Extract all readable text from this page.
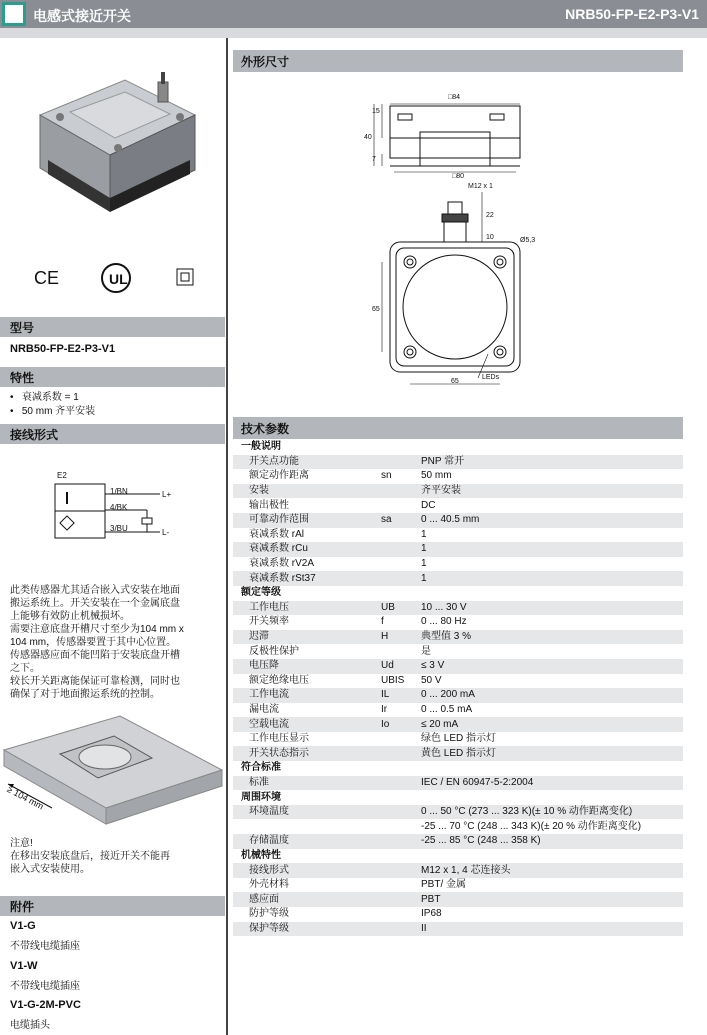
电感式接近开关	NRB50-FP-E2-P3-V1
CE	UL
型号
NRB50-FP-E2-P3-V1
特性
•   衰减系数 = 1
•   50 mm 齐平安装
接线形式
E2
1/BN
4/BK
3/BU
L+
L-
此类传感器尤其适合嵌入式安装在地面
搬运系统上。开关安装在一个金属底盘
上能够有效防止机械损坏。
需要注意底盘开槽尺寸至少为104 mm x
104 mm，传感器要置于其中心位置。
传感器感应面不能凹陷于安装底盘开槽
之下。
较长开关距离能保证可靠检测，同时也
确保了对于地面搬运系统的控制。
≥ 104 mm
注意!
在移出安装底盘后，接近开关不能再
嵌入式安装使用。
附件
V1-G
不带线电缆插座
V1-W
不带线电缆插座
V1-G-2M-PVC
电缆插头
外形尺寸
□84
15
40
7
□80
M12 x 1
22
10	Ø5,3
65
65
LEDs
技术参数
一般说明		
开关点功能		PNP 常开
额定动作距离	sn	50 mm
安装		齐平安装
输出极性		DC
可靠动作范围	sa	0 ... 40.5 mm
衰减系数 rAl		1
衰减系数 rCu		1
衰减系数 rV2A		1
衰减系数 rSt37		1
额定等级		
工作电压	UB	10 ... 30 V
开关频率	f	0 ... 80 Hz
迟滞	H	典型值 3 %
反极性保护		是
电压降	Ud	≤ 3 V
额定绝缘电压	UBIS	50 V
工作电流	IL	0 ... 200 mA
漏电流	Ir	0 ... 0.5 mA
空载电流	Io	≤ 20 mA
工作电压显示		绿色 LED 指示灯
开关状态指示		黄色 LED 指示灯
符合标准		
标准		IEC / EN 60947-5-2:2004
周围环境		
环境温度		0 ... 50 °C (273 ... 323 K)(± 10 % 动作距离变化)
		-25 ... 70 °C (248 ... 343 K)(± 20 % 动作距离变化)
存储温度		-25 ... 85 °C (248 ... 358 K)
机械特性		
接线形式		M12 x 1, 4 芯连接头
外壳材料		PBT/ 金属
感应面		PBT
防护等级		IP68
保护等级		II
